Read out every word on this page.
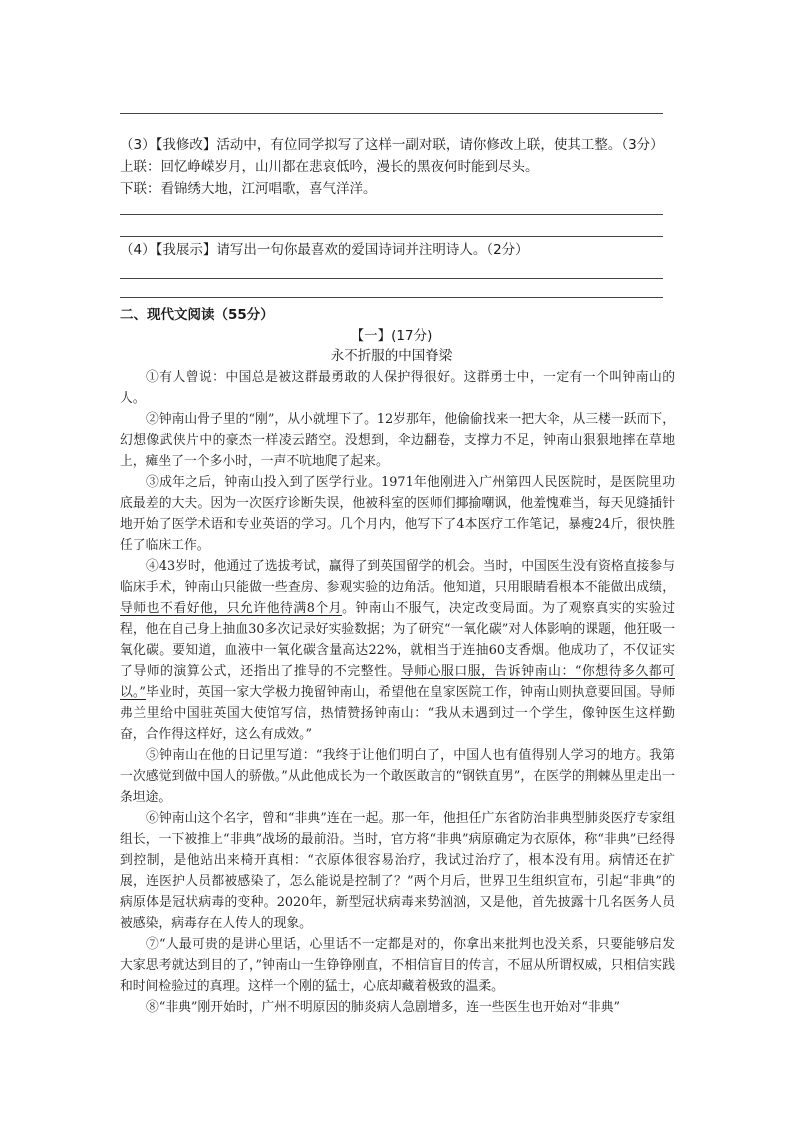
（3）【我修改】活动中，有位同学拟写了这样一副对联，请你修改上联，使其工整。（3分）
上联：回忆峥嵘岁月，山川都在悲哀低吟，漫长的黑夜何时能到尽头。
下联：看锦绣大地，江河唱歌，喜气洋洋。
（4）【我展示】请写出一句你最喜欢的爱国诗词并注明诗人。（2分）
二、现代文阅读（55分）
【一】(17分)
永不折服的中国脊梁

①有人曾说：中国总是被这群最勇敢的人保护得很好。这群勇士中，一定有一个叫钟南山的人。

②钟南山骨子里的“刚”，从小就埋下了。12岁那年，他偷偷找来一把大伞，从三楼一跃而下，幻想像武侠片中的豪杰一样凌云踏空。没想到，伞边翻卷，支撑力不足，钟南山狠狠地摔在草地上，瘫坐了一个多小时，一声不吭地爬了起来。

③成年之后，钟南山投入到了医学行业。1971年他刚进入广州第四人民医院时，是医院里功底最差的大夫。因为一次医疗诊断失误，他被科室的医师们揶揄嘲讽，他羞愧难当，每天见缝插针地开始了医学术语和专业英语的学习。几个月内，他写下了4本医疗工作笔记，暴瘦24斤，很快胜任了临床工作。

④43岁时，他通过了选拔考试，赢得了到英国留学的机会。当时，中国医生没有资格直接参与临床手术，钟南山只能做一些查房、参观实验的边角活。他知道，只用眼睛看根本不能做出成绩，导师也不看好他，只允许他待满8个月。钟南山不服气，决定改变局面。为了观察真实的实验过程，他在自己身上抽血30多次记录好实验数据；为了研究“一氧化碳”对人体影响的课题，他狂吸一氧化碳。要知道，血液中一氧化碳含量高达22%，就相当于连抽60支香烟。他成功了，不仅证实了导师的演算公式，还指出了推导的不完整性。导师心服口服，告诉钟南山：“你想待多久都可以。”毕业时，英国一家大学极力挽留钟南山，希望他在皇家医院工作，钟南山则执意要回国。导师弗兰里给中国驻英国大使馆写信，热情赞扬钟南山：“我从未遇到过一个学生，像钟医生这样勤奋，合作得这样好，这么有成效。”

⑤钟南山在他的日记里写道：“我终于让他们明白了，中国人也有值得别人学习的地方。我第一次感觉到做中国人的骄傲。”从此他成长为一个敢医敢言的“钢铁直男”，在医学的荆棘丛里走出一条坦途。

⑥钟南山这个名字，曾和“非典”连在一起。那一年，他担任广东省防治非典型肺炎医疗专家组组长，一下被推上“非典”战场的最前沿。当时，官方将“非典”病原确定为衣原体，称“非典”已经得到控制，是他站出来椅开真相：“衣原体很容易治疗，我试过治疗了，根本没有用。病情还在扩展，连医护人员都被感染了，怎么能说是控制了？”两个月后，世界卫生组织宣布，引起“非典”的病原体是冠状病毒的变种。2020年，新型冠状病毒来势汹汹，又是他，首先披露十几名医务人员被感染，病毒存在人传人的现象。

⑦“人最可贵的是讲心里话，心里话不一定都是对的，你拿出来批判也没关系，只要能够启发大家思考就达到目的了，”钟南山一生铮铮刚直，不相信盲目的传言，不屈从所谓权威，只相信实践和时间检验过的真理。这样一个刚的猛士，心底却藏着极致的温柔。

⑧“非典”刚开始时，广州不明原因的肺炎病人急剧增多，连一些医生也开始对“非典”
